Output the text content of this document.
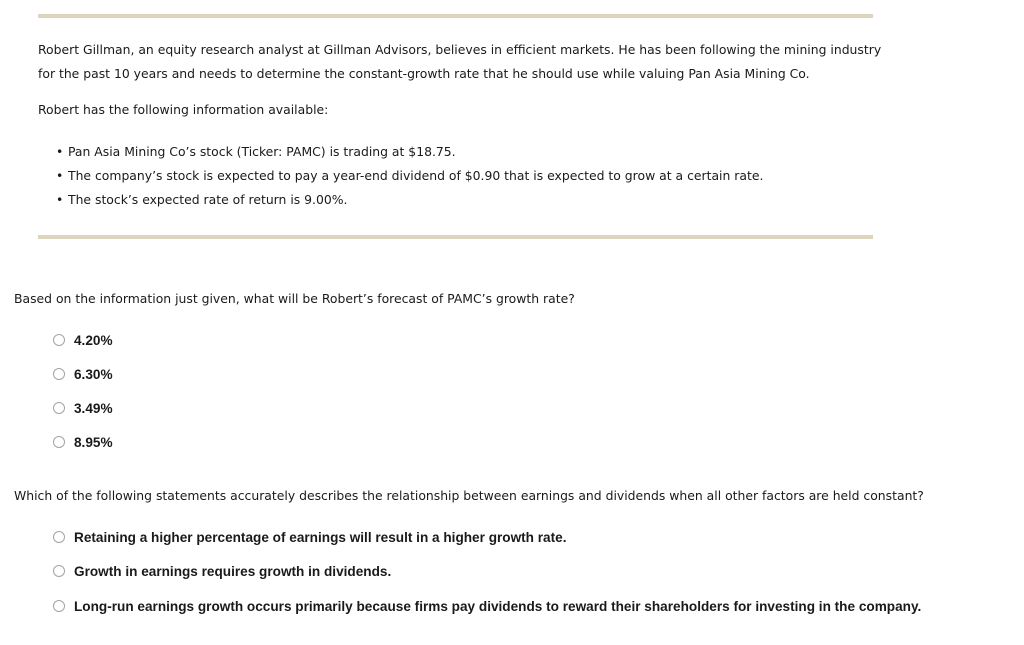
Robert Gillman, an equity research analyst at Gillman Advisors, believes in efficient markets. He has been following the mining industry
for the past 10 years and needs to determine the constant-growth rate that he should use while valuing Pan Asia Mining Co.

Robert has the following information available:

• Pan Asia Mining Co’s stock (Ticker: PAMC) is trading at $18.75.
• The company’s stock is expected to pay a year-end dividend of $0.90 that is expected to grow at a certain rate.
• The stock’s expected rate of return is 9.00%.

Based on the information just given, what will be Robert’s forecast of PAMC’s growth rate?

4.20%
6.30%
3.49%
8.95%

Which of the following statements accurately describes the relationship between earnings and dividends when all other factors are held constant?

Retaining a higher percentage of earnings will result in a higher growth rate.
Growth in earnings requires growth in dividends.
Long-run earnings growth occurs primarily because firms pay dividends to reward their shareholders for investing in the company.
